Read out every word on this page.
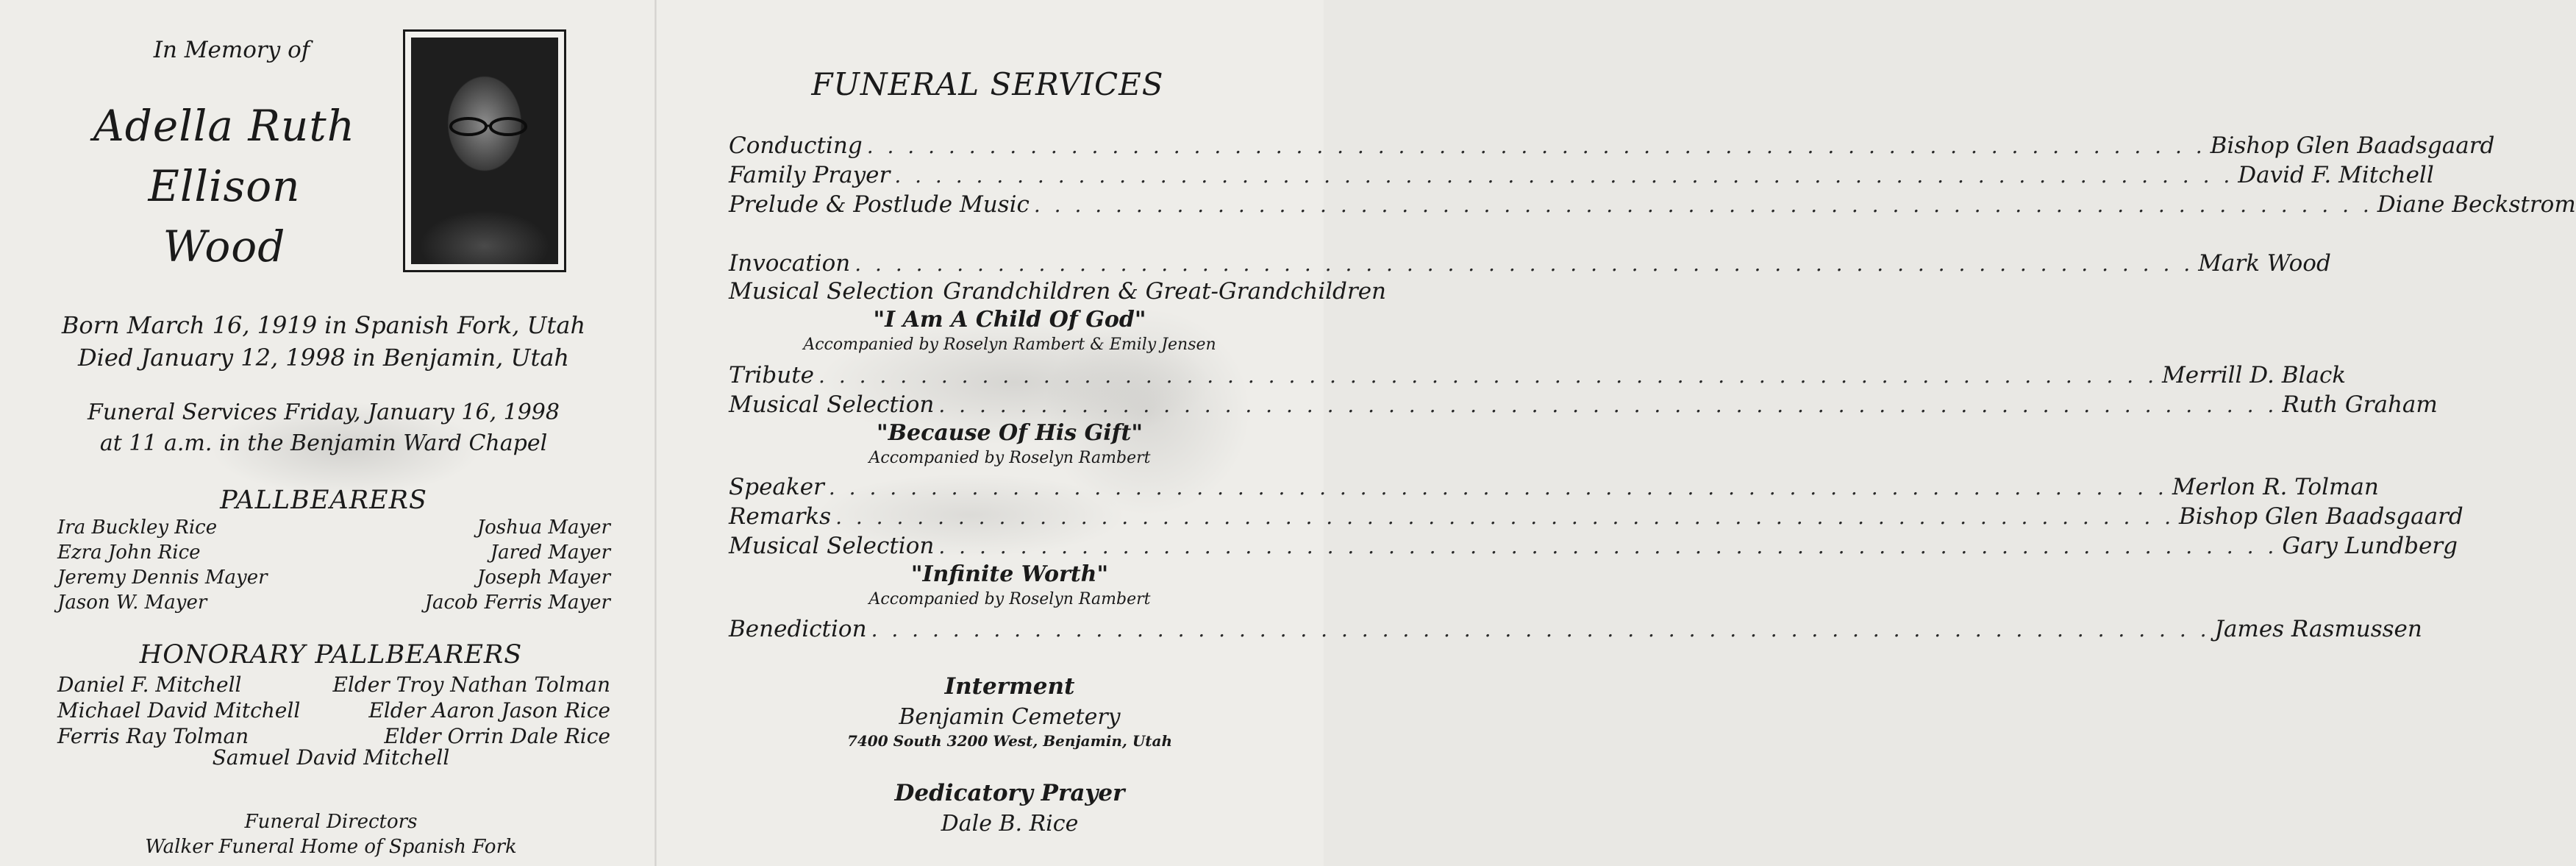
In Memory of
Adella Ruth
Ellison
Wood
Born March 16, 1919 in Spanish Fork, Utah
Died January 12, 1998 in Benjamin, Utah
Funeral Services Friday, January 16, 1998
at 11 a.m. in the Benjamin Ward Chapel
PALLBEARERS
Ira Buckley Rice
Ezra John Rice
Jeremy Dennis Mayer
Jason W. Mayer
Joshua Mayer
Jared Mayer
Joseph Mayer
Jacob Ferris Mayer
HONORARY PALLBEARERS
Daniel F. Mitchell
Michael David Mitchell
Ferris Ray Tolman
Elder Troy Nathan Tolman
Elder Aaron Jason Rice
Elder Orrin Dale Rice
Samuel David Mitchell
Funeral Directors
Walker Funeral Home of Spanish Fork
FUNERAL SERVICES
Conducting . . .	Bishop Glen Baadsgaard
Family Prayer . . .	David F. Mitchell
Prelude & Postlude Music . . .	Diane Beckstrom
Invocation . . .	Mark Wood
Musical Selection Grandchildren & Great-Grandchildren
"I Am A Child Of God"
Accompanied by Roselyn Rambert & Emily Jensen
Tribute . . .	Merrill D. Black
Musical Selection . . .	Ruth Graham
"Because Of His Gift"
Accompanied by Roselyn Rambert
Speaker . . .	Merlon R. Tolman
Remarks . . .	Bishop Glen Baadsgaard
Musical Selection . . .	Gary Lundberg
"Infinite Worth"
Accompanied by Roselyn Rambert
Benediction . . .	James Rasmussen
Interment
Benjamin Cemetery
7400 South 3200 West, Benjamin, Utah
Dedicatory Prayer
Dale B. Rice
